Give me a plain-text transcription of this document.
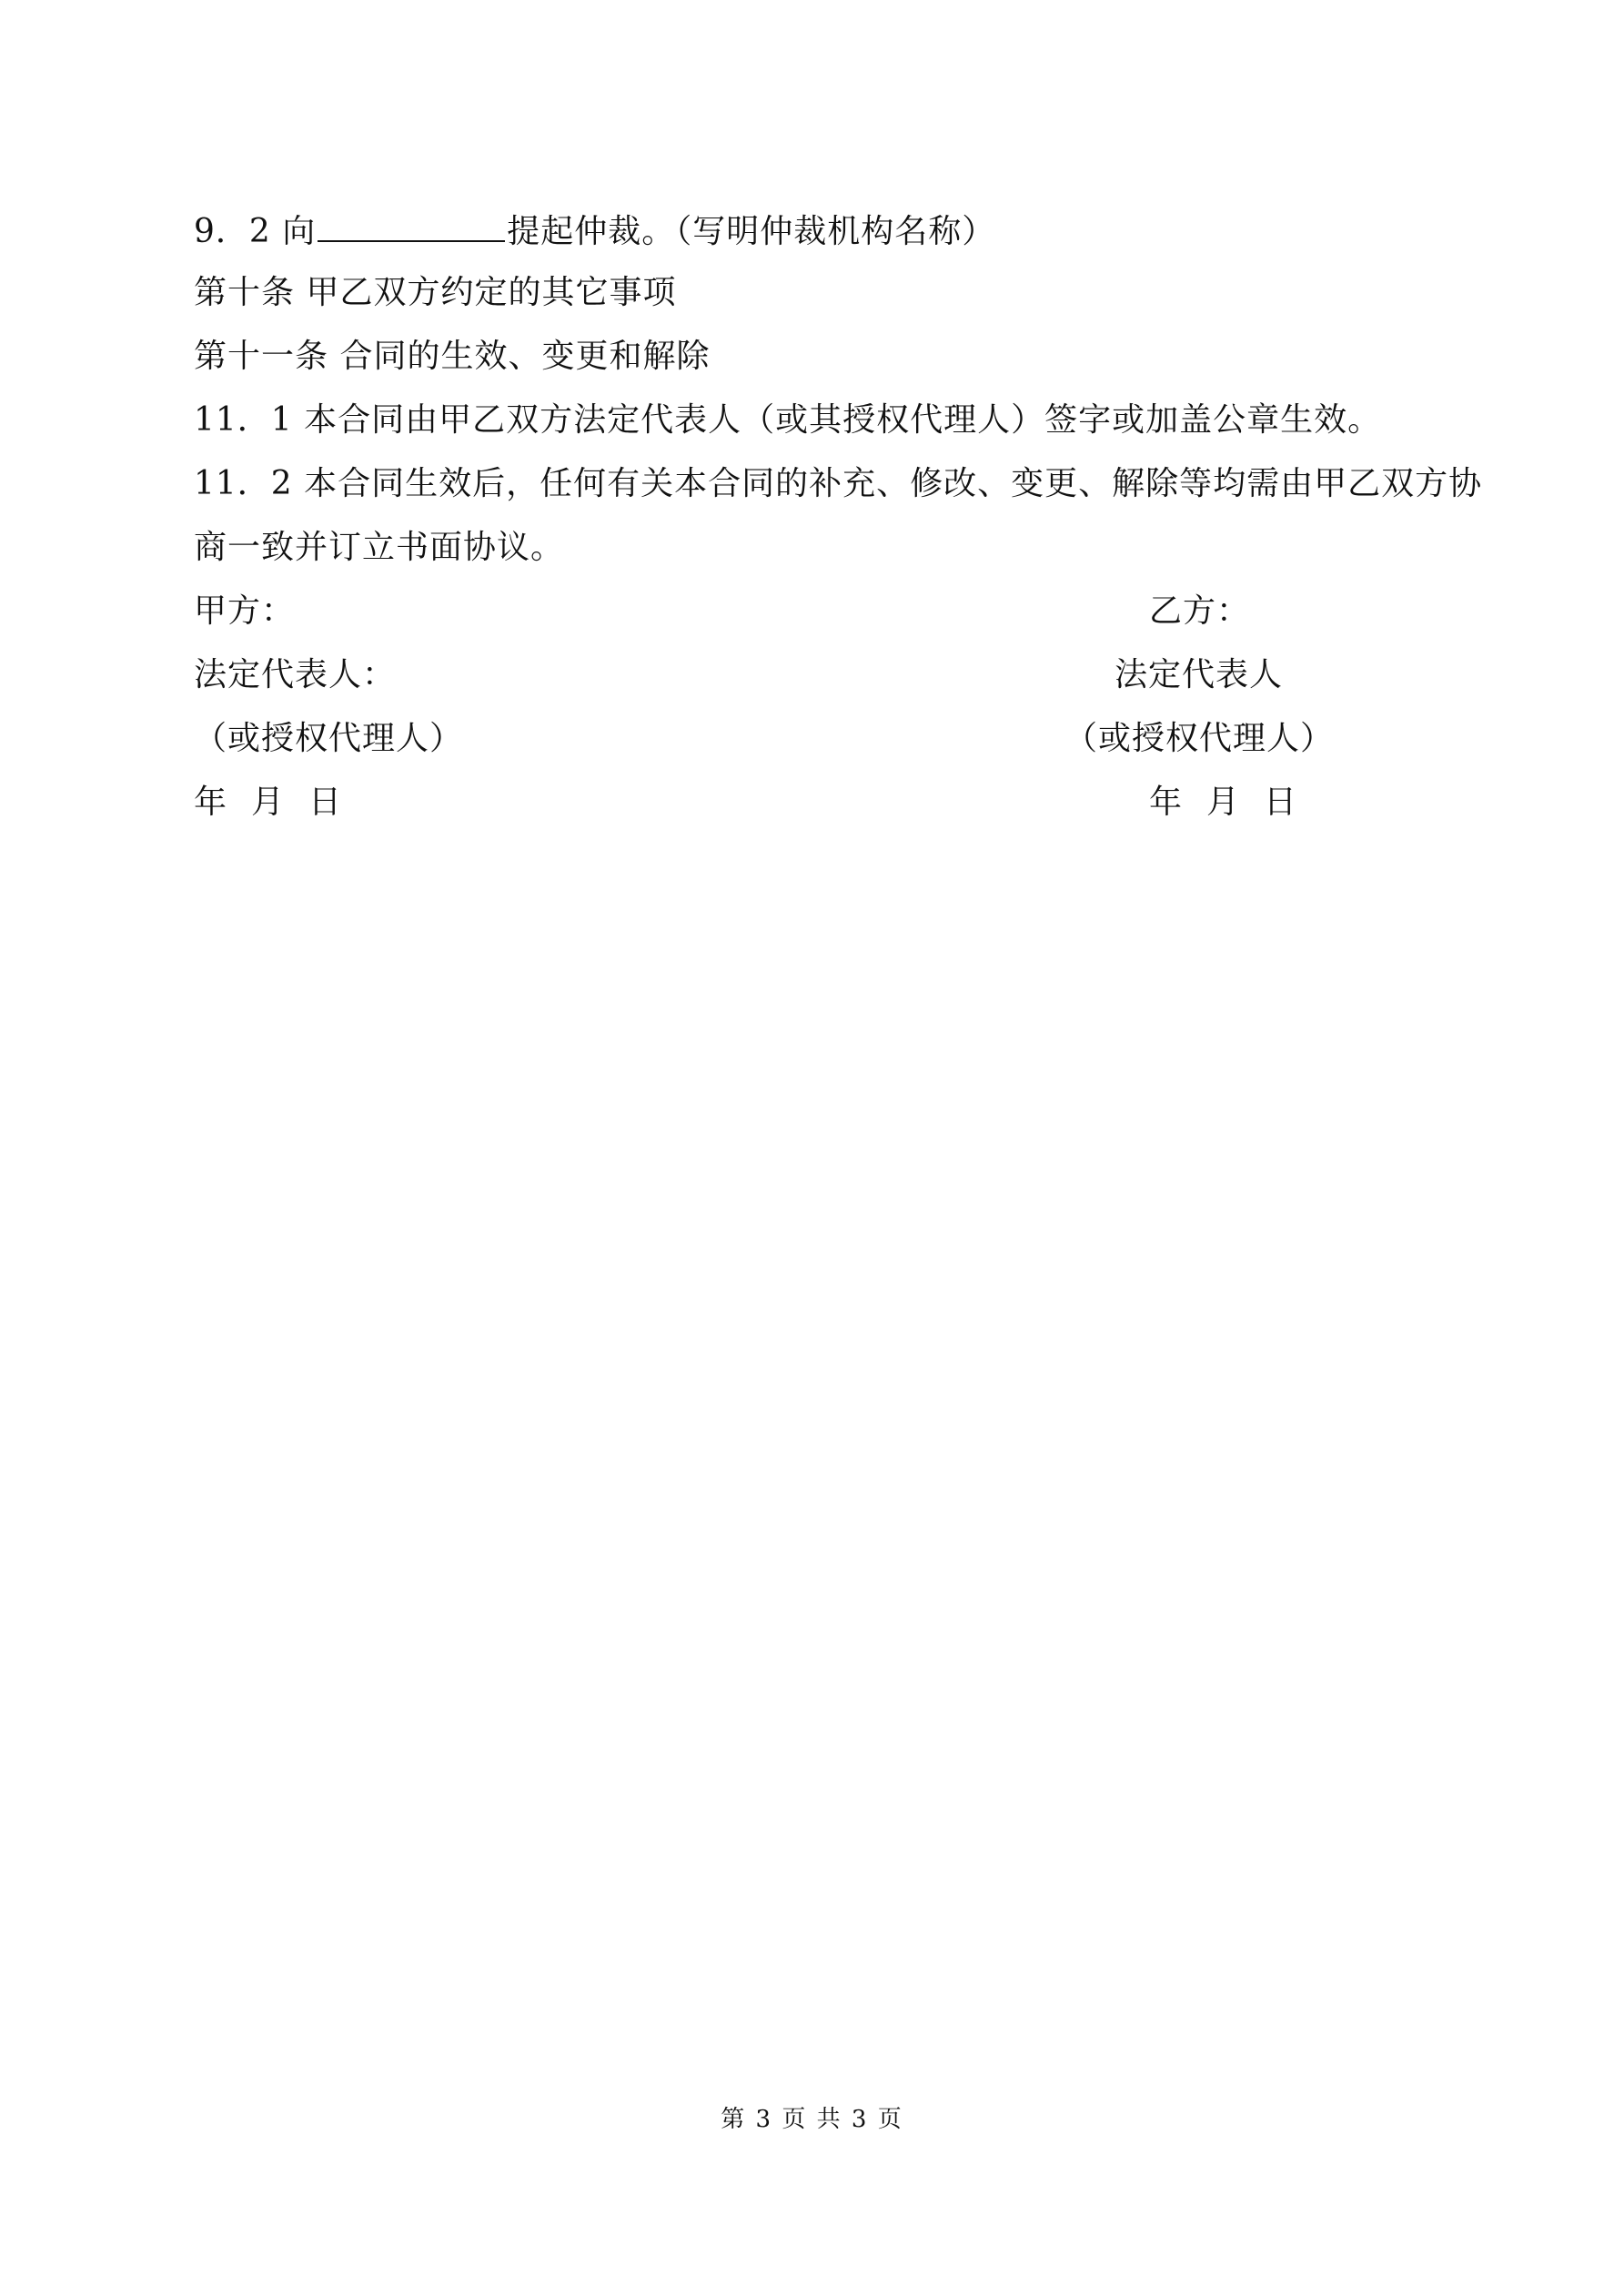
9．2 向	提起仲裁。（写明仲裁机构名称）
第十条 甲乙双方约定的其它事项
第十一条 合同的生效、变更和解除
11．1 本合同由甲乙双方法定代表人（或其授权代理人）签字或加盖公章生效。
11．2 本合同生效后，任何有关本合同的补充、修改、变更、解除等均需由甲乙双方协
商一致并订立书面协议。
甲方：
法定代表人：
（或授权代理人）
年 月 日
乙方：
法定代表人
（或授权代理人）
年 月 日
第 3 页 共 3 页
